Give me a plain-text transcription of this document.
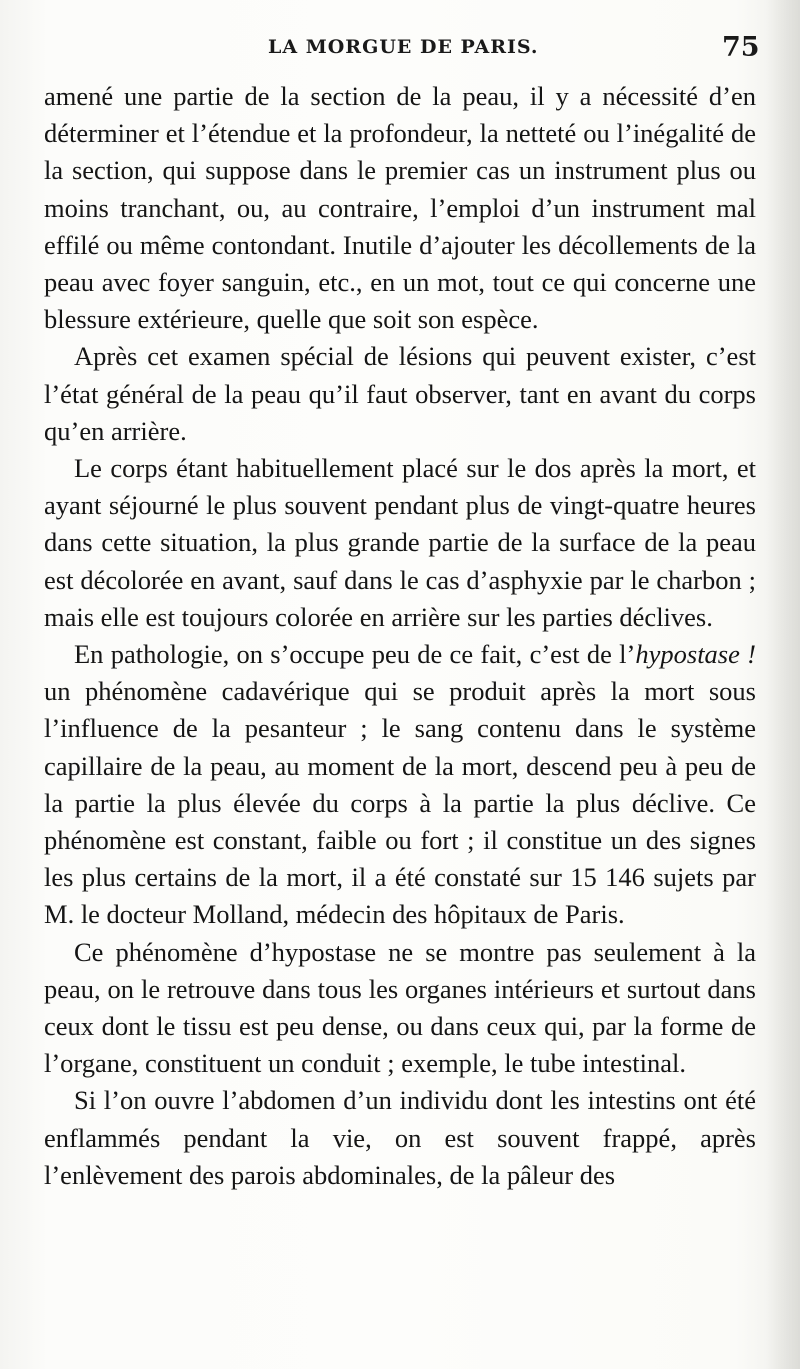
LA MORGUE DE PARIS.	75

amené une partie de la section de la peau, il y a nécessité d’en déterminer et l’étendue et la profondeur, la netteté ou l’inégalité de la section, qui suppose dans le premier cas un instrument plus ou moins tranchant, ou, au contraire, l’emploi d’un instrument mal effilé ou même contondant. Inutile d’ajouter les décollements de la peau avec foyer sanguin, etc., en un mot, tout ce qui concerne une blessure extérieure, quelle que soit son espèce.

Après cet examen spécial de lésions qui peuvent exister, c’est l’état général de la peau qu’il faut observer, tant en avant du corps qu’en arrière.

Le corps étant habituellement placé sur le dos après la mort, et ayant séjourné le plus souvent pendant plus de vingt-quatre heures dans cette situation, la plus grande partie de la surface de la peau est décolorée en avant, sauf dans le cas d’asphyxie par le charbon ; mais elle est toujours colorée en arrière sur les parties déclives.

En pathologie, on s’occupe peu de ce fait, c’est de l’hypostase ! un phénomène cadavérique qui se produit après la mort sous l’influence de la pesanteur ; le sang contenu dans le système capillaire de la peau, au moment de la mort, descend peu à peu de la partie la plus élevée du corps à la partie la plus déclive. Ce phénomène est constant, faible ou fort ; il constitue un des signes les plus certains de la mort, il a été constaté sur 15 146 sujets par M. le docteur Molland, médecin des hôpitaux de Paris.

Ce phénomène d’hypostase ne se montre pas seulement à la peau, on le retrouve dans tous les organes intérieurs et surtout dans ceux dont le tissu est peu dense, ou dans ceux qui, par la forme de l’organe, constituent un conduit ; exemple, le tube intestinal.

Si l’on ouvre l’abdomen d’un individu dont les intestins ont été enflammés pendant la vie, on est souvent frappé, après l’enlèvement des parois abdominales, de la pâleur des
